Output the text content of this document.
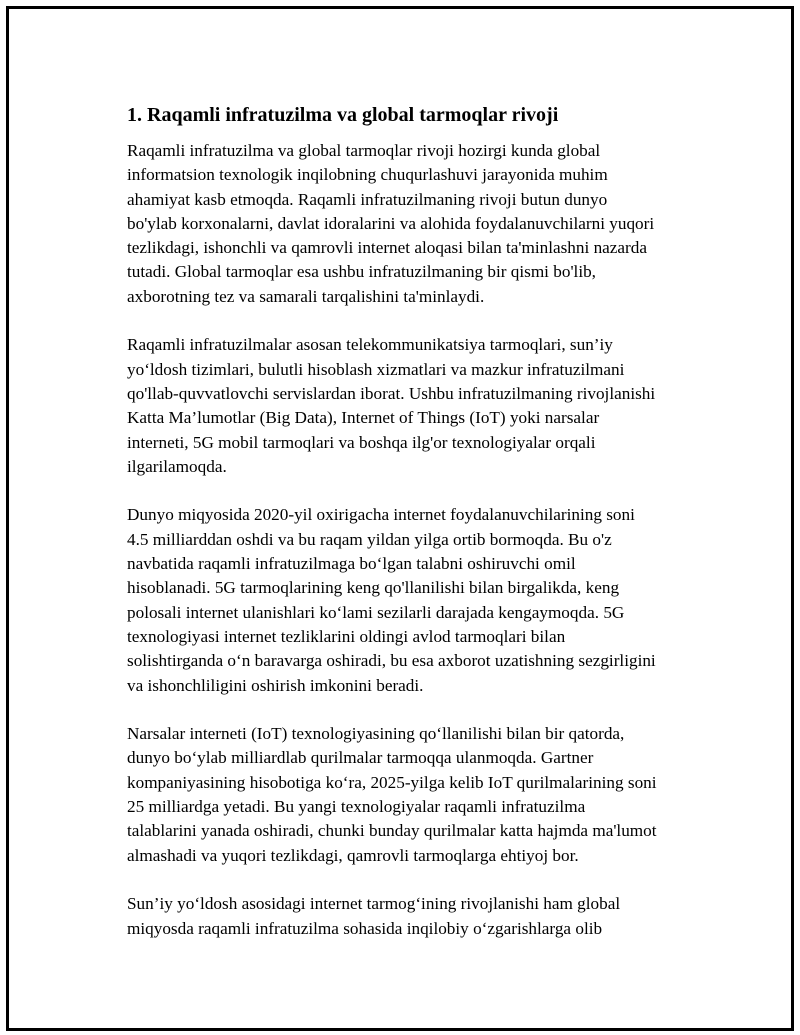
1. Raqamli infratuzilma va global tarmoqlar rivoji
Raqamli infratuzilma va global tarmoqlar rivoji hozirgi kunda global
informatsion texnologik inqilobning chuqurlashuvi jarayonida muhim
ahamiyat kasb etmoqda. Raqamli infratuzilmaning rivoji butun dunyo
bo'ylab korxonalarni, davlat idoralarini va alohida foydalanuvchilarni yuqori
tezlikdagi, ishonchli va qamrovli internet aloqasi bilan ta'minlashni nazarda
tutadi. Global tarmoqlar esa ushbu infratuzilmaning bir qismi bo'lib,
axborotning tez va samarali tarqalishini ta'minlaydi.
Raqamli infratuzilmalar asosan telekommunikatsiya tarmoqlari, sun’iy
yo‘ldosh tizimlari, bulutli hisoblash xizmatlari va mazkur infratuzilmani
qo'llab-quvvatlovchi servislardan iborat. Ushbu infratuzilmaning rivojlanishi
Katta Ma’lumotlar (Big Data), Internet of Things (IoT) yoki narsalar
interneti, 5G mobil tarmoqlari va boshqa ilg'or texnologiyalar orqali
ilgarilamoqda.
Dunyo miqyosida 2020-yil oxirigacha internet foydalanuvchilarining soni
4.5 milliarddan oshdi va bu raqam yildan yilga ortib bormoqda. Bu o'z
navbatida raqamli infratuzilmaga bo‘lgan talabni oshiruvchi omil
hisoblanadi. 5G tarmoqlarining keng qo'llanilishi bilan birgalikda, keng
polosali internet ulanishlari ko‘lami sezilarli darajada kengaymoqda. 5G
texnologiyasi internet tezliklarini oldingi avlod tarmoqlari bilan
solishtirganda o‘n baravarga oshiradi, bu esa axborot uzatishning sezgirligini
va ishonchliligini oshirish imkonini beradi.
Narsalar interneti (IoT) texnologiyasining qo‘llanilishi bilan bir qatorda,
dunyo bo‘ylab milliardlab qurilmalar tarmoqqa ulanmoqda. Gartner
kompaniyasining hisobotiga ko‘ra, 2025-yilga kelib IoT qurilmalarining soni
25 milliardga yetadi. Bu yangi texnologiyalar raqamli infratuzilma
talablarini yanada oshiradi, chunki bunday qurilmalar katta hajmda ma'lumot
almashadi va yuqori tezlikdagi, qamrovli tarmoqlarga ehtiyoj bor.
Sun’iy yo‘ldosh asosidagi internet tarmog‘ining rivojlanishi ham global
miqyosda raqamli infratuzilma sohasida inqilobiy o‘zgarishlarga olib
